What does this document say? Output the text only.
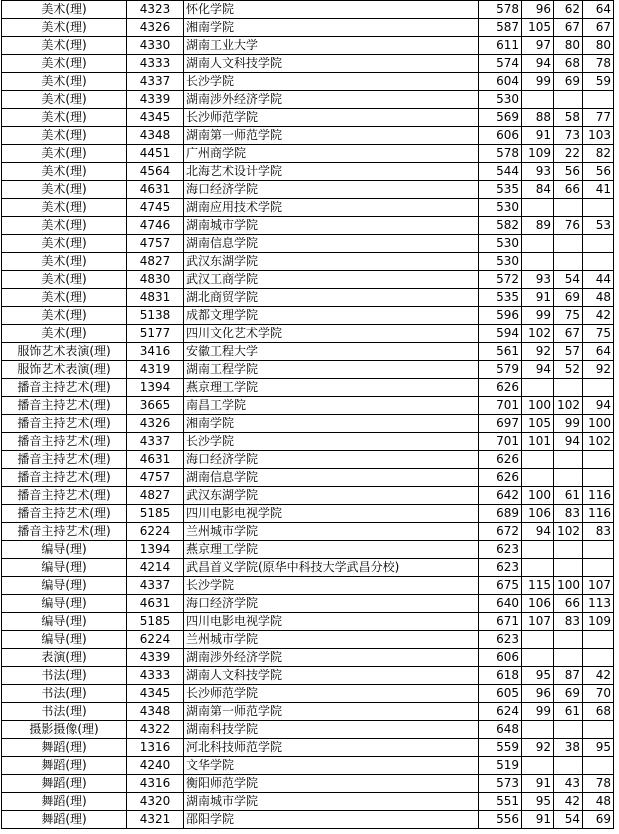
美术(理)	4323	怀化学院	578	96	62	64
美术(理)	4326	湘南学院	587	105	67	67
美术(理)	4330	湖南工业大学	611	97	80	80
美术(理)	4333	湖南人文科技学院	574	94	68	78
美术(理)	4337	长沙学院	604	99	69	59
美术(理)	4339	湖南涉外经济学院	530			
美术(理)	4345	长沙师范学院	569	88	58	77
美术(理)	4348	湖南第一师范学院	606	91	73	103
美术(理)	4451	广州商学院	578	109	22	82
美术(理)	4564	北海艺术设计学院	544	93	56	56
美术(理)	4631	海口经济学院	535	84	66	41
美术(理)	4745	湖南应用技术学院	530			
美术(理)	4746	湖南城市学院	582	89	76	53
美术(理)	4757	湖南信息学院	530			
美术(理)	4827	武汉东湖学院	530			
美术(理)	4830	武汉工商学院	572	93	54	44
美术(理)	4831	湖北商贸学院	535	91	69	48
美术(理)	5138	成都文理学院	596	99	75	42
美术(理)	5177	四川文化艺术学院	594	102	67	75
服饰艺术表演(理)	3416	安徽工程大学	561	92	57	64
服饰艺术表演(理)	4319	湖南工程学院	579	94	52	92
播音主持艺术(理)	1394	燕京理工学院	626			
播音主持艺术(理)	3665	南昌工学院	701	100	102	94
播音主持艺术(理)	4326	湘南学院	697	105	99	100
播音主持艺术(理)	4337	长沙学院	701	101	94	102
播音主持艺术(理)	4631	海口经济学院	626			
播音主持艺术(理)	4757	湖南信息学院	626			
播音主持艺术(理)	4827	武汉东湖学院	642	100	61	116
播音主持艺术(理)	5185	四川电影电视学院	689	106	83	116
播音主持艺术(理)	6224	兰州城市学院	672	94	102	83
编导(理)	1394	燕京理工学院	623			
编导(理)	4214	武昌首义学院(原华中科技大学武昌分校)	623			
编导(理)	4337	长沙学院	675	115	100	107
编导(理)	4631	海口经济学院	640	106	66	113
编导(理)	5185	四川电影电视学院	671	107	83	109
编导(理)	6224	兰州城市学院	623			
表演(理)	4339	湖南涉外经济学院	606			
书法(理)	4333	湖南人文科技学院	618	95	87	42
书法(理)	4345	长沙师范学院	605	96	69	70
书法(理)	4348	湖南第一师范学院	624	99	61	68
摄影摄像(理)	4322	湖南科技学院	648			
舞蹈(理)	1316	河北科技师范学院	559	92	38	95
舞蹈(理)	4240	文华学院	519			
舞蹈(理)	4316	衡阳师范学院	573	91	43	78
舞蹈(理)	4320	湖南城市学院	551	95	42	48
舞蹈(理)	4321	邵阳学院	556	91	54	69
